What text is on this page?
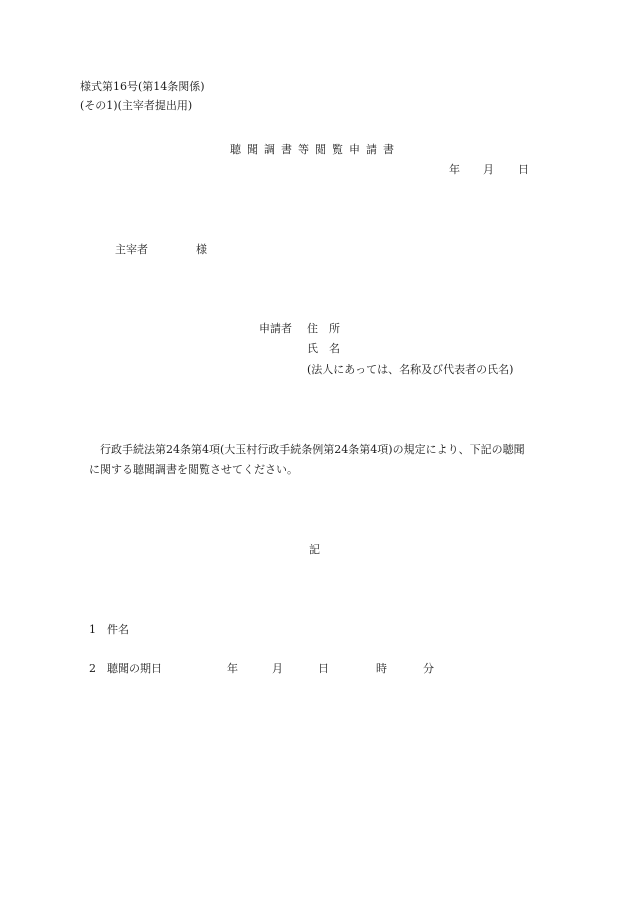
様式第16号(第14条関係)
(その1)(主宰者提出用)
聴聞調書等閲覧申請書
年 月 日
主宰者	様
申請者 住　所
氏　名
(法人にあっては、名称及び代表者の氏名)
行政手続法第24条第4項(大玉村行政手続条例第24条第4項)の規定により、下記の聴聞
に関する聴聞調書を閲覧させてください。
記
1 件名
2 聴聞の期日	年	月	日	時	分
